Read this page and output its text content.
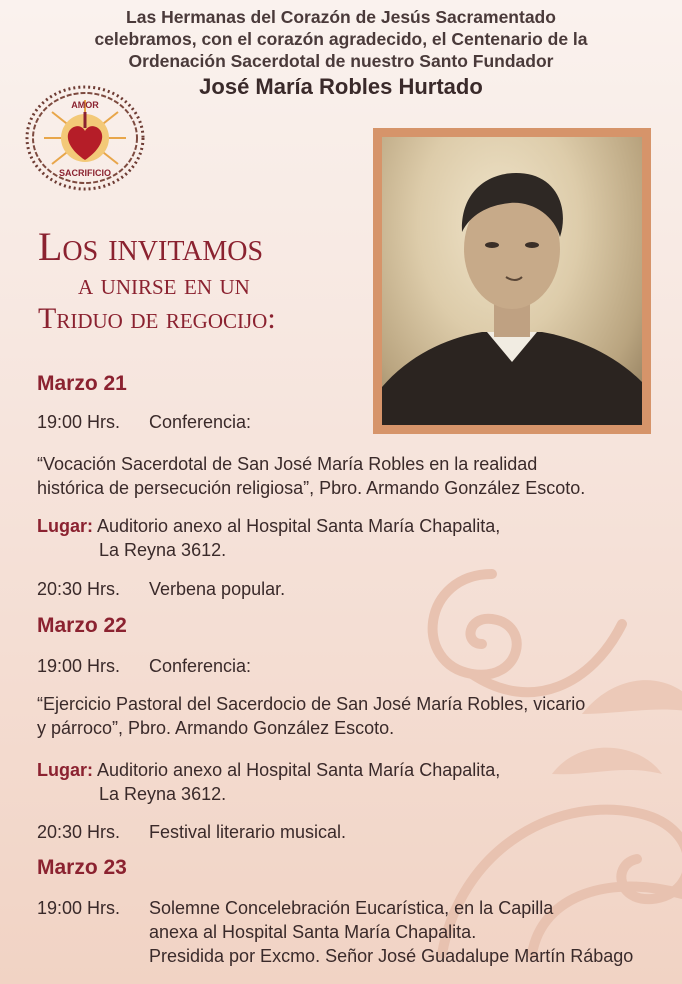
Las Hermanas del Corazón de Jesús Sacramentado
celebramos, con el corazón agradecido, el Centenario de la
Ordenación Sacerdotal de nuestro Santo Fundador
José María Robles Hurtado
AMOR
SACRIFICIO
Los invitamos
a unirse en un
Triduo de regocijo:
Marzo 21
19:00 Hrs. Conferencia:
“Vocación Sacerdotal de San José María Robles en la realidad
histórica de persecución religiosa”, Pbro. Armando González Escoto.
Lugar: Auditorio anexo al Hospital Santa María Chapalita,
La Reyna 3612.
20:30 Hrs. Verbena popular.
Marzo 22
19:00 Hrs. Conferencia:
“Ejercicio Pastoral del Sacerdocio de San José María Robles, vicario
y párroco”, Pbro. Armando González Escoto.
Lugar: Auditorio anexo al Hospital Santa María Chapalita,
La Reyna 3612.
20:30 Hrs. Festival literario musical.
Marzo 23
19:00 Hrs. Solemne Concelebración Eucarística, en la Capilla
anexa al Hospital Santa María Chapalita.
Presidida por Excmo. Señor José Guadalupe Martín Rábago
